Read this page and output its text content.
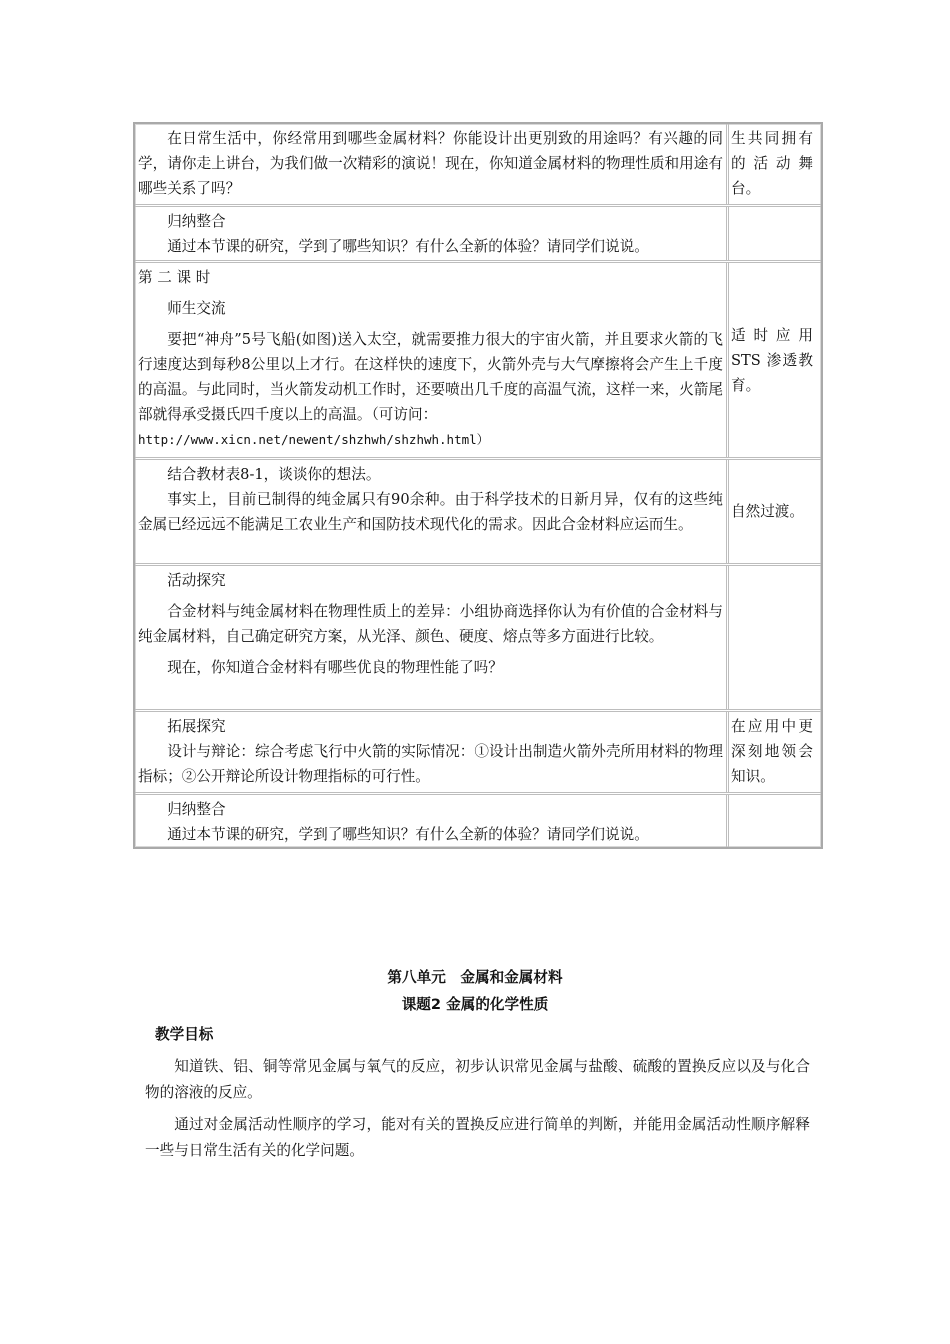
在日常生活中，你经常用到哪些金属材料？你能设计出更别致的用途吗？有兴趣的同学，请你走上讲台，为我们做一次精彩的演说！现在，你知道金属材料的物理性质和用途有哪些关系了吗？

生共同拥有的 活 动 舞台。

归纳整合

通过本节课的研究，学到了哪些知识？有什么全新的体验？请同学们说说。

第 二 课 时

师生交流

要把“神舟”5号飞船(如图)送入太空，就需要推力很大的宇宙火箭，并且要求火箭的飞行速度达到每秒8公里以上才行。在这样快的速度下，火箭外壳与大气摩擦将会产生上千度的高温。与此同时，当火箭发动机工作时，还要喷出几千度的高温气流，这样一来，火箭尾部就得承受摄氏四千度以上的高温。（可访问：

http://www.xicn.net/newent/shzhwh/shzhwh.html）

适 时 应 用STS 渗透教育。

结合教材表8-1，谈谈你的想法。

事实上，目前已制得的纯金属只有90余种。由于科学技术的日新月异，仅有的这些纯金属已经远远不能满足工农业生产和国防技术现代化的需求。因此合金材料应运而生。

自然过渡。

活动探究

合金材料与纯金属材料在物理性质上的差异：小组协商选择你认为有价值的合金材料与纯金属材料，自己确定研究方案，从光泽、颜色、硬度、熔点等多方面进行比较。

现在，你知道合金材料有哪些优良的物理性能了吗？

拓展探究

设计与辩论：综合考虑飞行中火箭的实际情况：①设计出制造火箭外壳所用材料的物理指标；②公开辩论所设计物理指标的可行性。

在应用中更深刻地领会知识。

归纳整合

通过本节课的研究，学到了哪些知识？有什么全新的体验？请同学们说说。

第八单元　金属和金属材料
课题2 金属的化学性质

教学目标

知道铁、铝、铜等常见金属与氧气的反应，初步认识常见金属与盐酸、硫酸的置换反应以及与化合物的溶液的反应。

通过对金属活动性顺序的学习，能对有关的置换反应进行简单的判断，并能用金属活动性顺序解释一些与日常生活有关的化学问题。
